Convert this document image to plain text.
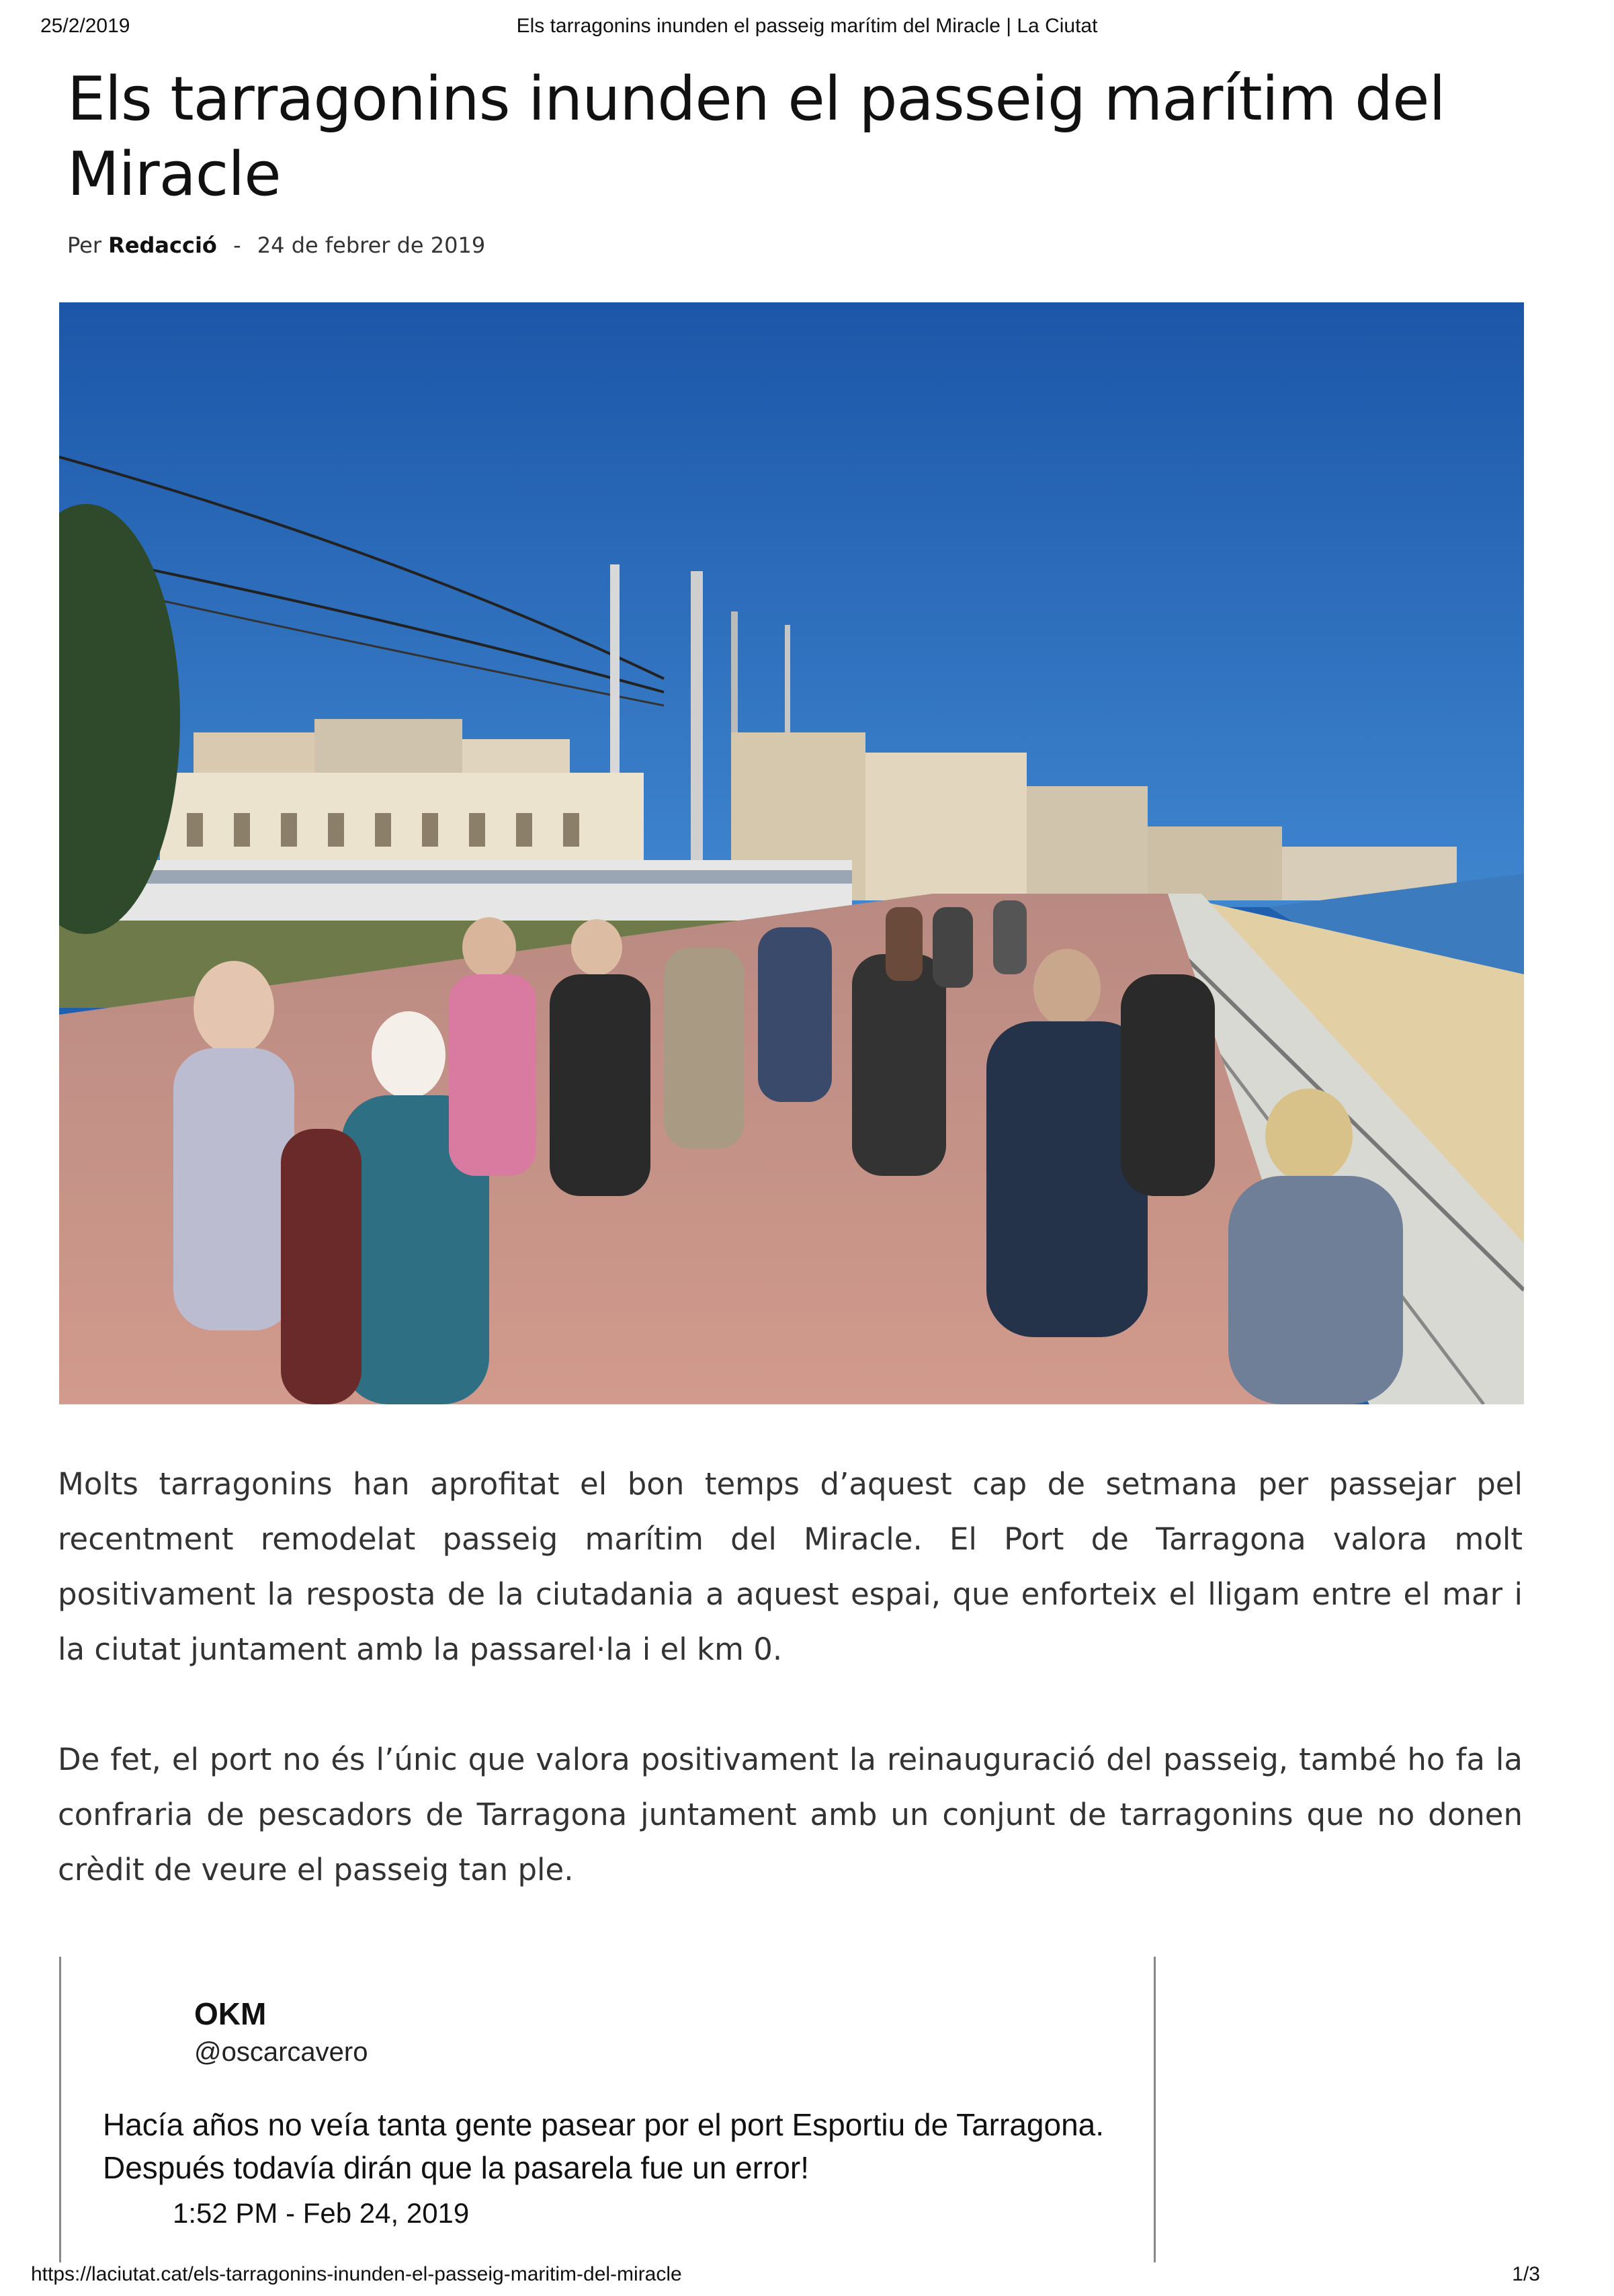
25/2/2019	Els tarragonins inunden el passeig marítim del Miracle | La Ciutat
Els tarragonins inunden el passeig marítim del Miracle
Per Redacció - 24 de febrer de 2019

Molts tarragonins han aprofitat el bon temps d’aquest cap de setmana per passejar pel recentment remodelat passeig marítim del Miracle. El Port de Tarragona valora molt positivament la resposta de la ciutadania a aquest espai, que enforteix el lligam entre el mar i la ciutat juntament amb la passarel·la i el km 0.

De fet, el port no és l’únic que valora positivament la reinauguració del passeig, també ho fa la confraria de pescadors de Tarragona juntament amb un conjunt de tarragonins que no donen crèdit de veure el passeig tan ple.

OKM
@oscarcavero

Hacía años no veía tanta gente pasear por el port Esportiu de Tarragona. Después todavía dirán que la pasarela fue un error!

1:52 PM - Feb 24, 2019
https://laciutat.cat/els-tarragonins-inunden-el-passeig-maritim-del-miracle	1/3
